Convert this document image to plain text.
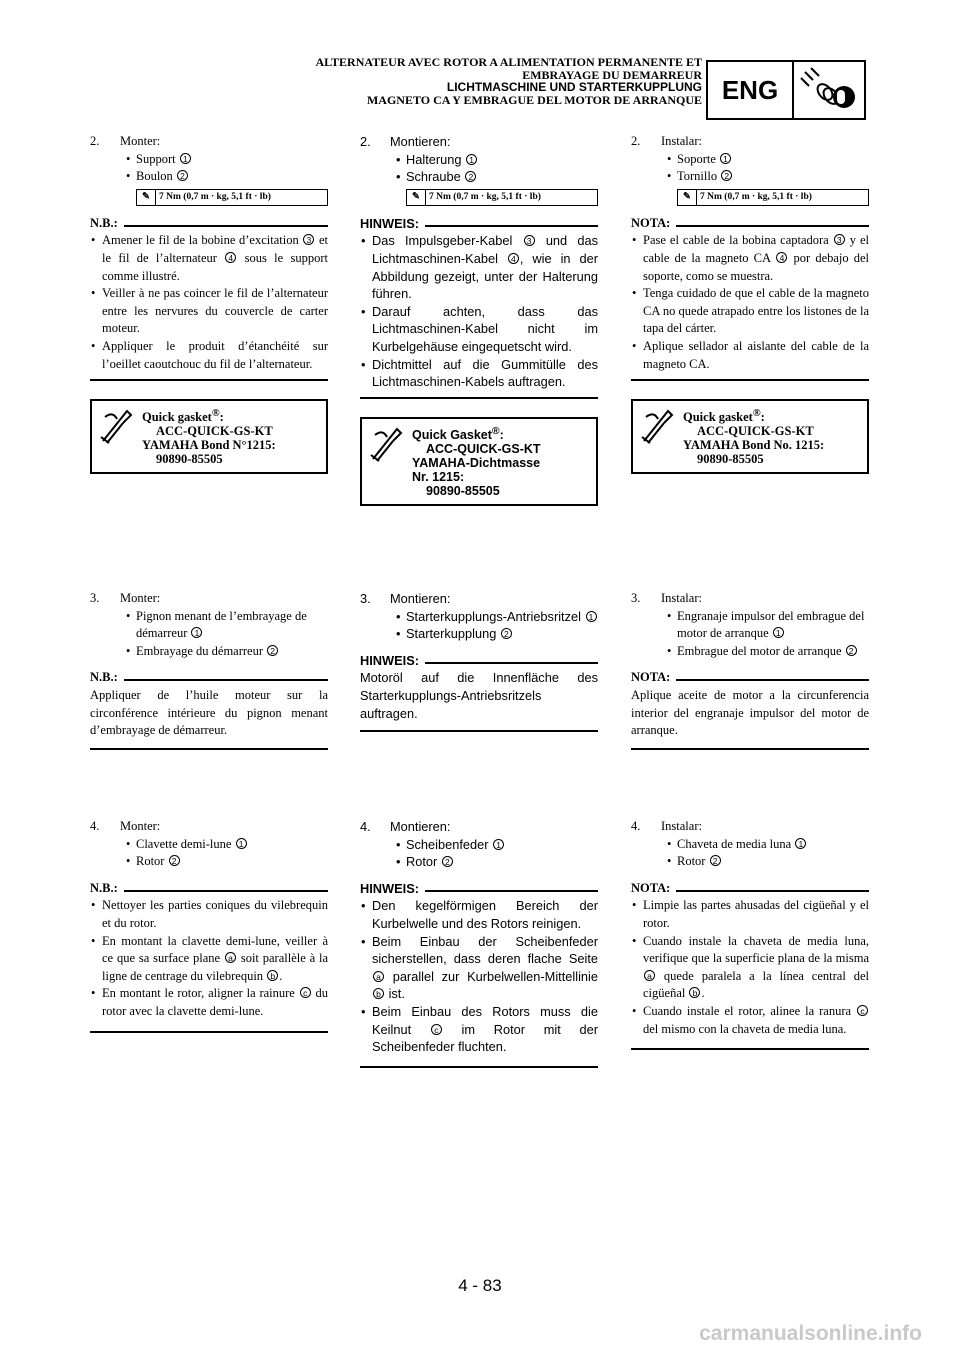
ALTERNATEUR AVEC ROTOR A ALIMENTATION PERMANENTE ET
EMBRAYAGE DU DEMARREUR
LICHTMASCHINE UND STARTERKUPPLUNG
MAGNETO CA Y EMBRAGUE DEL MOTOR DE ARRANQUE ENG
2.	Monter:
• Support 1
• Boulon 2
✎ 7 Nm (0,7 m · kg, 5,1 ft · lb)
N.B.:
• Amener le fil de la bobine d’excitation 3 et le fil de l’alternateur 4 sous le support comme illustré.
• Veiller à ne pas coincer le fil de l’alternateur entre les nervures du couvercle de carter moteur.
• Appliquer le produit d’étanchéité sur l’oeillet caoutchouc du fil de l’alternateur.
Quick gasket®:
ACC-QUICK-GS-KT
YAMAHA Bond N°1215:
90890-85505
3.	Monter:
• Pignon menant de l’embrayage de démarreur 1
• Embrayage du démarreur 2
N.B.:
Appliquer de l’huile moteur sur la circonférence intérieure du pignon menant d’embrayage de démarreur.
4.	Monter:
• Clavette demi-lune 1
• Rotor 2
N.B.:
• Nettoyer les parties coniques du vilebrequin et du rotor.
• En montant la clavette demi-lune, veiller à ce que sa surface plane a soit parallèle à la ligne de centrage du vilebrequin b .
• En montant le rotor, aligner la rainure c du rotor avec la clavette demi-lune.
2.	Montieren:
• Halterung 1
• Schraube 2
✎ 7 Nm (0,7 m · kg, 5,1 ft · lb)
HINWEIS:
• Das Impulsgeber-Kabel 3 und das Lichtmaschinen-Kabel 4 , wie in der Abbildung gezeigt, unter der Halterung führen.
• Darauf achten, dass das Lichtmaschinen-Kabel nicht im Kurbelgehäuse eingequetscht wird.
• Dichtmittel auf die Gummitülle des Lichtmaschinen-Kabels auftragen.
Quick Gasket®:
ACC-QUICK-GS-KT
YAMAHA-Dichtmasse
Nr. 1215:
90890-85505
3.	Montieren:
• Starterkupplungs-Antriebsritzel 1
• Starterkupplung 2
HINWEIS:
Motoröl auf die Innenfläche des Starterkupplungs-Antriebsritzels auftragen.
4.	Montieren:
• Scheibenfeder 1
• Rotor 2
HINWEIS:
• Den kegelförmigen Bereich der Kurbelwelle und des Rotors reinigen.
• Beim Einbau der Scheibenfeder sicherstellen, dass deren flache Seite a parallel zur Kurbelwellen-Mittellinie b ist.
• Beim Einbau des Rotors muss die Keilnut	c im Rotor mit der Scheibenfeder fluchten.
2.	Instalar:
• Soporte 1
• Tornillo 2
✎ 7 Nm (0,7 m · kg, 5,1 ft · lb)
NOTA:
• Pase el cable de la bobina captadora 3 y el cable de la magneto CA 4 por debajo del soporte, como se muestra.
• Tenga cuidado de que el cable de la magneto CA no quede atrapado entre los listones de la tapa del cárter.
• Aplique sellador al aislante del cable de la magneto CA.
Quick gasket®:
ACC-QUICK-GS-KT
YAMAHA Bond No. 1215:
90890-85505
3.	Instalar:
• Engranaje impulsor del embrague del motor de arranque 1
• Embrague del motor de arranque 2
NOTA:
Aplique aceite de motor a la circunferencia interior del engranaje impulsor del motor de arranque.
4.	Instalar:
• Chaveta de media luna 1
• Rotor 2
NOTA:
• Limpie las partes ahusadas del cigüeñal y el rotor.
• Cuando instale la chaveta de media luna, verifique que la superficie plana de la misma a quede paralela a la línea central del cigüeñal b .
• Cuando instale el rotor, alinee la ranura c del mismo con la chaveta de media luna.
4 - 83
carmanualsonline.info
